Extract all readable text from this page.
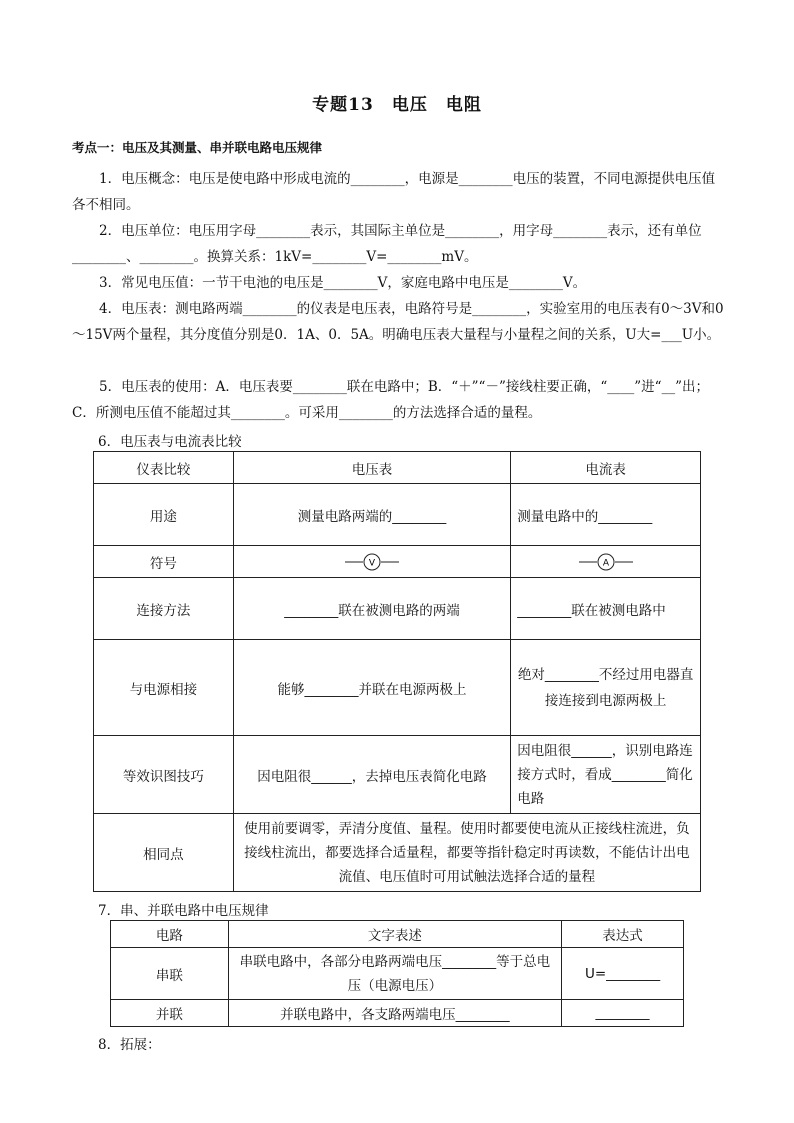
专题13　电压　电阻
考点一：电压及其测量、串并联电路电压规律
1．电压概念：电压是使电路中形成电流的________，电源是________电压的装置，不同电源提供电压值各不相同。
2．电压单位：电压用字母________表示，其国际主单位是________，用字母________表示，还有单位________、________。换算关系：1kV=________V=________mV。
3．常见电压值：一节干电池的电压是________V，家庭电路中电压是________V。
4．电压表：测电路两端________的仪表是电压表，电路符号是________，实验室用的电压表有0～3V和0～15V两个量程，其分度值分别是0．1A、0．5A。明确电压表大量程与小量程之间的关系，U大=___U小。
5．电压表的使用：A．电压表要________联在电路中；B．“＋”“－”接线柱要正确，“____”进“__”出；C．所测电压值不能超过其________。可采用________的方法选择合适的量程。
6．电压表与电流表比较
仪表比较	电压表	电流表
用途	测量电路两端的________	测量电路中的________
符号	V	A

连接方法	________联在被测电路的两端	________联在被测电路中
与电源相接	能够________并联在电源两极上	绝对________不经过用电器直接连接到电源两极上
等效识图技巧	因电阻很______，去掉电压表简化电路	因电阻很______，识别电路连接方式时，看成________简化电路
相同点	使用前要调零，弄清分度值、量程。使用时都要使电流从正接线柱流进，负接线柱流出，都要选择合适量程，都要等指针稳定时再读数，不能估计出电流值、电压值时可用试触法选择合适的量程	
7．串、并联电路中电压规律
电路	文字表述	表达式
串联	串联电路中，各部分电路两端电压________等于总电压（电源电压）	U=________
并联	并联电路中，各支路两端电压________	________
8．拓展：
